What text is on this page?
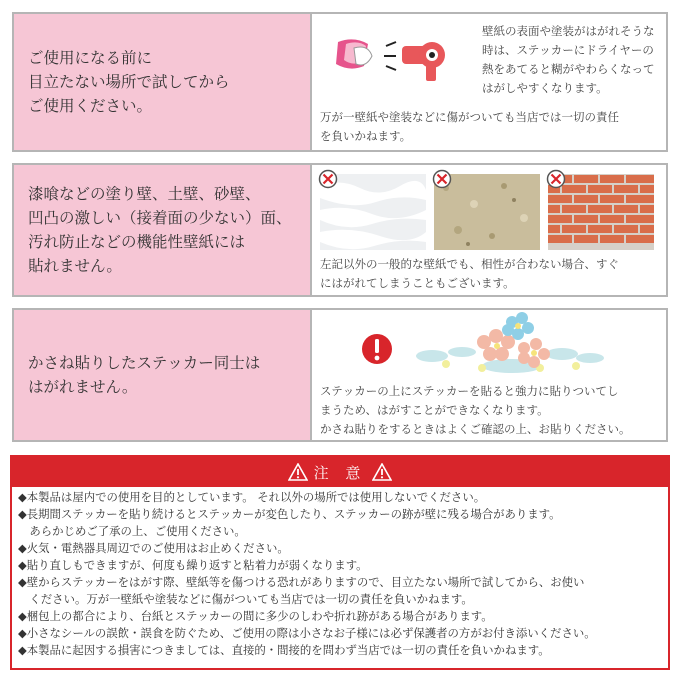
ご使用になる前に
目立たない場所で試してから
ご使用ください。
壁紙の表面や塗装がはがれそうな
時は、ステッカーにドライヤーの
熱をあてると糊がやわらくなって
はがしやすくなります。
万が一壁紙や塗装などに傷がついても当店では一切の責任
を負いかねます。
漆喰などの塗り壁、土壁、砂壁、
凹凸の激しい（接着面の少ない）面、
汚れ防止などの機能性壁紙には
貼れません。	左記以外の一般的な壁紙でも、相性が合わない場合、すぐ
にはがれてしまうこともございます。
かさね貼りしたステッカー同士は
はがれません。	ステッカーの上にステッカーを貼ると強力に貼りついてし
まうため、はがすことができなくなります。
かさね貼りをするときはよくご確認の上、お貼りください。
注 意
◆本製品は屋内での使用を目的としています。 それ以外の場所では使用しないでください。
◆長期間ステッカーを貼り続けるとステッカーが変色したり、ステッカーの跡が壁に残る場合があります。
　あらかじめご了承の上、ご使用ください。
◆火気・電熱器具周辺でのご使用はお止めください。
◆貼り直しもできますが、何度も繰り返すと粘着力が弱くなります。
◆壁からステッカーをはがす際、壁紙等を傷つける恐れがありますので、目立たない場所で試してから、お使い
　ください。万が一壁紙や塗装などに傷がついても当店では一切の責任を負いかねます。
◆梱包上の都合により、台紙とステッカーの間に多少のしわや折れ跡がある場合があります。
◆小さなシールの誤飲・誤食を防ぐため、ご使用の際は小さなお子様には必ず保護者の方がお付き添いください。
◆本製品に起因する損害につきましては、直接的・間接的を問わず当店では一切の責任を負いかねます。
